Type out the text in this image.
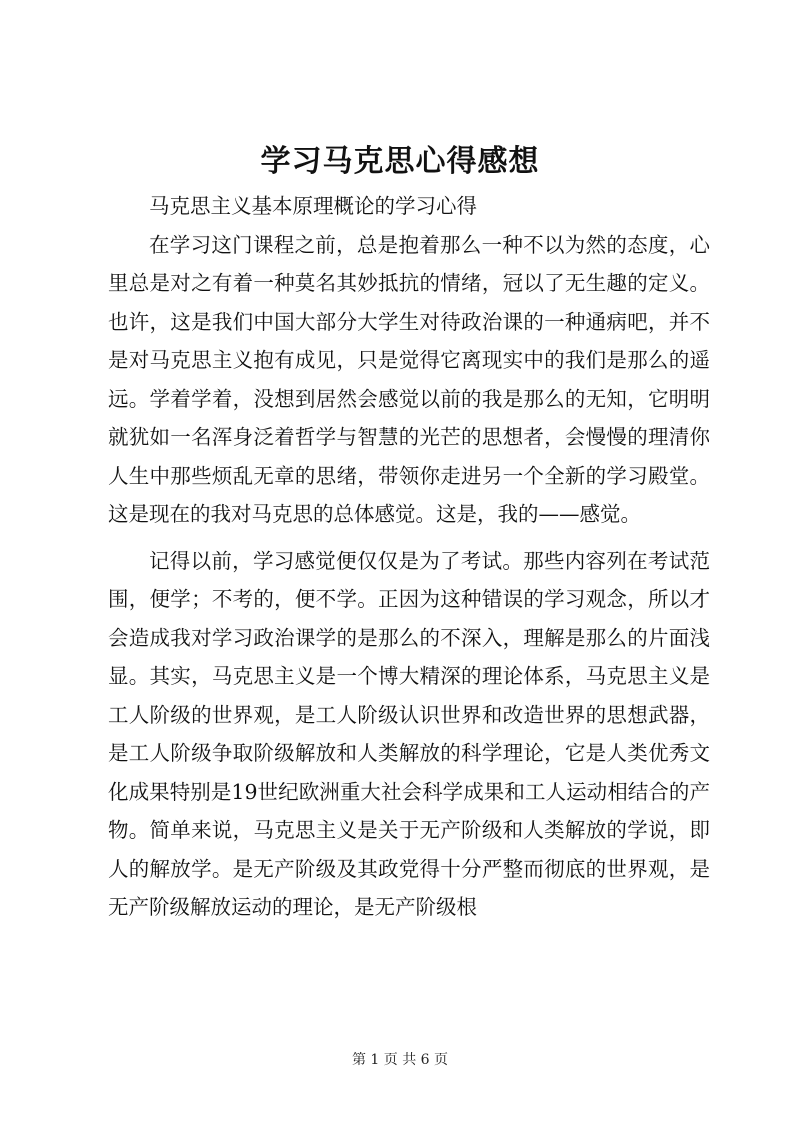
学习马克思心得感想

马克思主义基本原理概论的学习心得

在学习这门课程之前，总是抱着那么一种不以为然的态度，心里总是对之有着一种莫名其妙抵抗的情绪，冠以了无生趣的定义。也许，这是我们中国大部分大学生对待政治课的一种通病吧，并不是对马克思主义抱有成见，只是觉得它离现实中的我们是那么的遥远。学着学着，没想到居然会感觉以前的我是那么的无知，它明明就犹如一名浑身泛着哲学与智慧的光芒的思想者，会慢慢的理清你人生中那些烦乱无章的思绪，带领你走进另一个全新的学习殿堂。这是现在的我对马克思的总体感觉。这是，我的——感觉。

记得以前，学习感觉便仅仅是为了考试。那些内容列在考试范围，便学；不考的，便不学。正因为这种错误的学习观念，所以才会造成我对学习政治课学的是那么的不深入，理解是那么的片面浅显。其实，马克思主义是一个博大精深的理论体系，马克思主义是工人阶级的世界观，是工人阶级认识世界和改造世界的思想武器，是工人阶级争取阶级解放和人类解放的科学理论，它是人类优秀文化成果特别是19世纪欧洲重大社会科学成果和工人运动相结合的产物。简单来说，马克思主义是关于无产阶级和人类解放的学说，即人的解放学。是无产阶级及其政党得十分严整而彻底的世界观，是无产阶级解放运动的理论，是无产阶级根

第 1 页 共 6 页
